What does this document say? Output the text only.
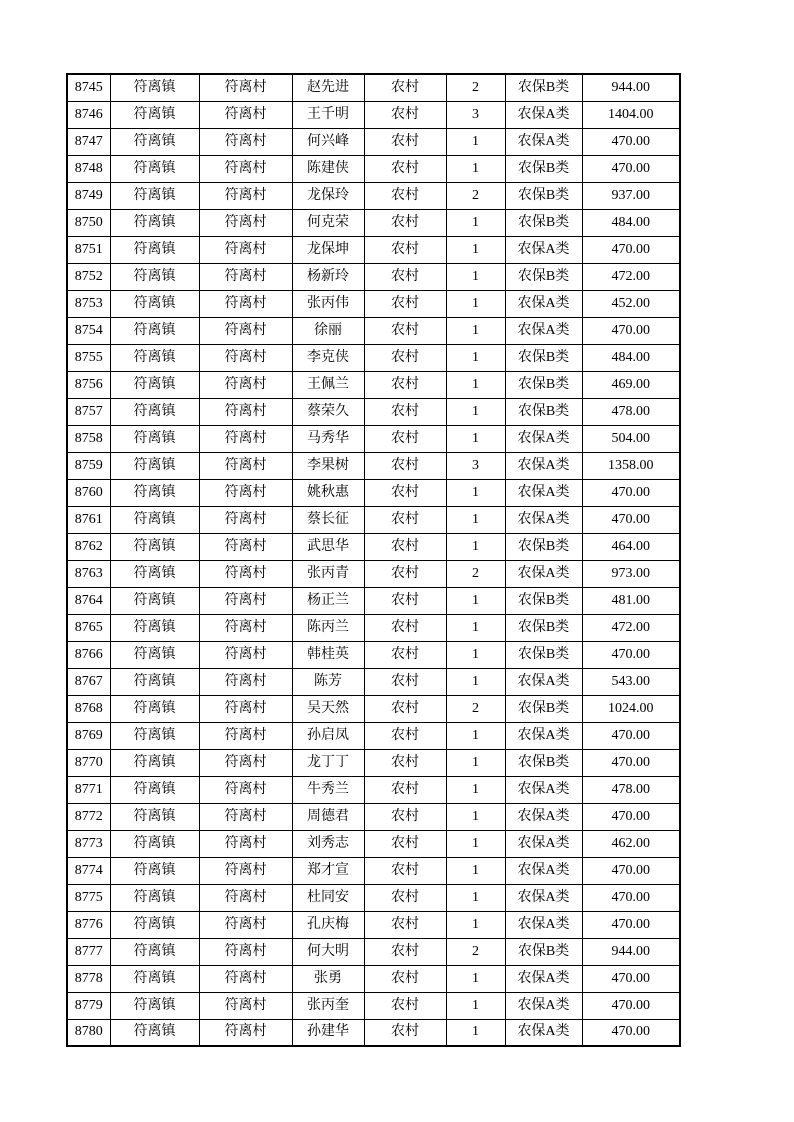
8745	符离镇	符离村	赵先进	农村	2	农保B类	944.00
8746	符离镇	符离村	王千明	农村	3	农保A类	1404.00
8747	符离镇	符离村	何兴峰	农村	1	农保A类	470.00
8748	符离镇	符离村	陈建侠	农村	1	农保B类	470.00
8749	符离镇	符离村	龙保玲	农村	2	农保B类	937.00
8750	符离镇	符离村	何克荣	农村	1	农保B类	484.00
8751	符离镇	符离村	龙保坤	农村	1	农保A类	470.00
8752	符离镇	符离村	杨新玲	农村	1	农保B类	472.00
8753	符离镇	符离村	张丙伟	农村	1	农保A类	452.00
8754	符离镇	符离村	徐丽	农村	1	农保A类	470.00
8755	符离镇	符离村	李克侠	农村	1	农保B类	484.00
8756	符离镇	符离村	王佩兰	农村	1	农保B类	469.00
8757	符离镇	符离村	蔡荣久	农村	1	农保B类	478.00
8758	符离镇	符离村	马秀华	农村	1	农保A类	504.00
8759	符离镇	符离村	李果树	农村	3	农保A类	1358.00
8760	符离镇	符离村	姚秋惠	农村	1	农保A类	470.00
8761	符离镇	符离村	蔡长征	农村	1	农保A类	470.00
8762	符离镇	符离村	武思华	农村	1	农保B类	464.00
8763	符离镇	符离村	张丙青	农村	2	农保A类	973.00
8764	符离镇	符离村	杨正兰	农村	1	农保B类	481.00
8765	符离镇	符离村	陈丙兰	农村	1	农保B类	472.00
8766	符离镇	符离村	韩桂英	农村	1	农保B类	470.00
8767	符离镇	符离村	陈芳	农村	1	农保A类	543.00
8768	符离镇	符离村	吴天然	农村	2	农保B类	1024.00
8769	符离镇	符离村	孙启凤	农村	1	农保A类	470.00
8770	符离镇	符离村	龙丁丁	农村	1	农保B类	470.00
8771	符离镇	符离村	牛秀兰	农村	1	农保A类	478.00
8772	符离镇	符离村	周德君	农村	1	农保A类	470.00
8773	符离镇	符离村	刘秀志	农村	1	农保A类	462.00
8774	符离镇	符离村	郑才宣	农村	1	农保A类	470.00
8775	符离镇	符离村	杜同安	农村	1	农保A类	470.00
8776	符离镇	符离村	孔庆梅	农村	1	农保A类	470.00
8777	符离镇	符离村	何大明	农村	2	农保B类	944.00
8778	符离镇	符离村	张勇	农村	1	农保A类	470.00
8779	符离镇	符离村	张丙奎	农村	1	农保A类	470.00
8780	符离镇	符离村	孙建华	农村	1	农保A类	470.00
